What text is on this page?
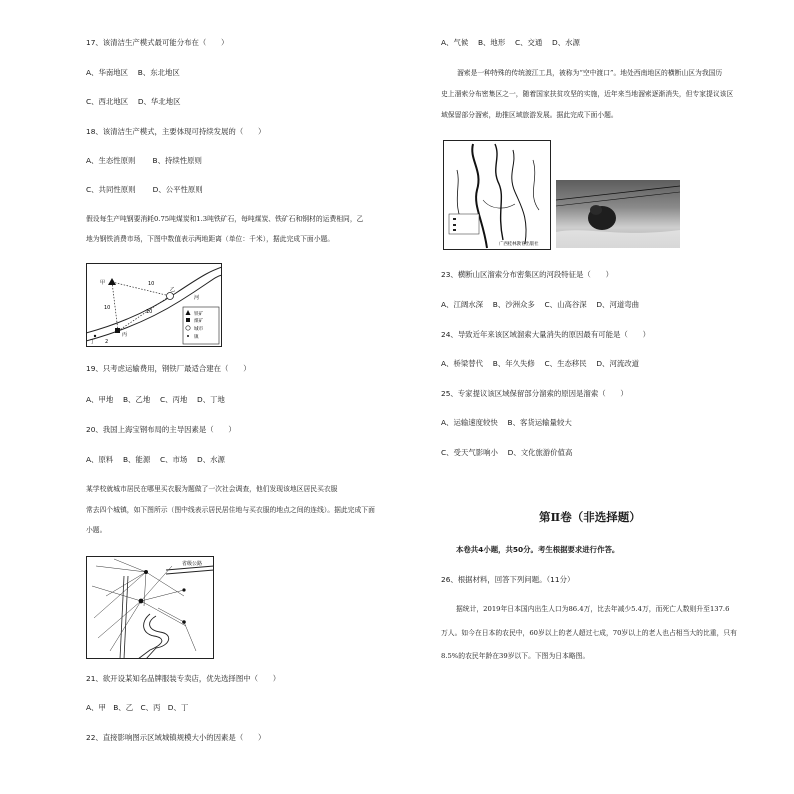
17、该清洁生产模式最可能分布在（　　）
A、华南地区　 B、东北地区
C、西北地区　 D、华北地区
18、该清洁生产模式，主要体现可持续发展的（　　）
A、生态性原则　　 B、持续性原则
C、共同性原则　　 D、公平性原则
假设每生产吨钢要消耗0.75吨煤炭和1.3吨铁矿石，每吨煤炭、铁矿石和钢材的运费相同，乙
地为钢铁消费市场，下图中数值表示两地距离（单位：千米），据此完成下面小题。
甲
乙
丙
丁 2
10
10
10
河
铁矿
煤矿
城市
镇
19、只考虑运输费用，钢铁厂最适合建在（　　）
A、甲地　 B、乙地　 C、丙地　 D、丁地
20、我国上海宝钢布局的主导因素是（　　）
A、原料　 B、能源　 C、市场　 D、水源
某学校就城市居民在哪里买衣服为题做了一次社会调查，他们发现该地区居民买衣服
常去四个城镇，如下图所示（图中线表示居民居住地与买衣服的地点之间的连线）。据此完成下面
小题。
省级公路
21、欲开设某知名品牌服装专卖店，优先选择图中（　　）
A、甲　B、乙　C、丙　D、丁
22、直接影响图示区域城镇规模大小的因素是（　　）
A、气候　 B、地形　 C、交通　 D、水源
溜索是一种特殊的传统渡江工具，被称为“空中渡口”。地处西南地区的横断山区为我国历
史上溜索分布密集区之一，随着国家扶贫攻坚的实施，近年来当地溜索逐渐消失，但专家提议该区
域保留部分溜索，助推区域旅游发展。据此完成下面小题。
广西桂林教育出版社
23、横断山区溜索分布密集区的河段特征是（　　）
A、江阔水深　 B、沙洲众多　 C、山高谷深　 D、河道弯曲
24、导致近年来该区域溜索大量消失的原因最有可能是（　　）
A、桥梁替代　 B、年久失修　 C、生态移民　 D、河流改道
25、专家提议该区域保留部分溜索的原因是溜索（　　）
A、运输速度较快　 B、客货运输量较大
C、受天气影响小　 D、文化旅游价值高
第Ⅱ卷（非选择题）
本卷共4小题，共50分。考生根据要求进行作答。
26、根据材料，回答下列问题。（11分）
据统计，2019年日本国内出生人口为86.4万，比去年减少5.4万，而死亡人数则升至137.6
万人。如今在日本的农民中，60岁以上的老人超过七成，70岁以上的老人也占相当大的比重，只有
8.5%的农民年龄在39岁以下。下图为日本略图。
